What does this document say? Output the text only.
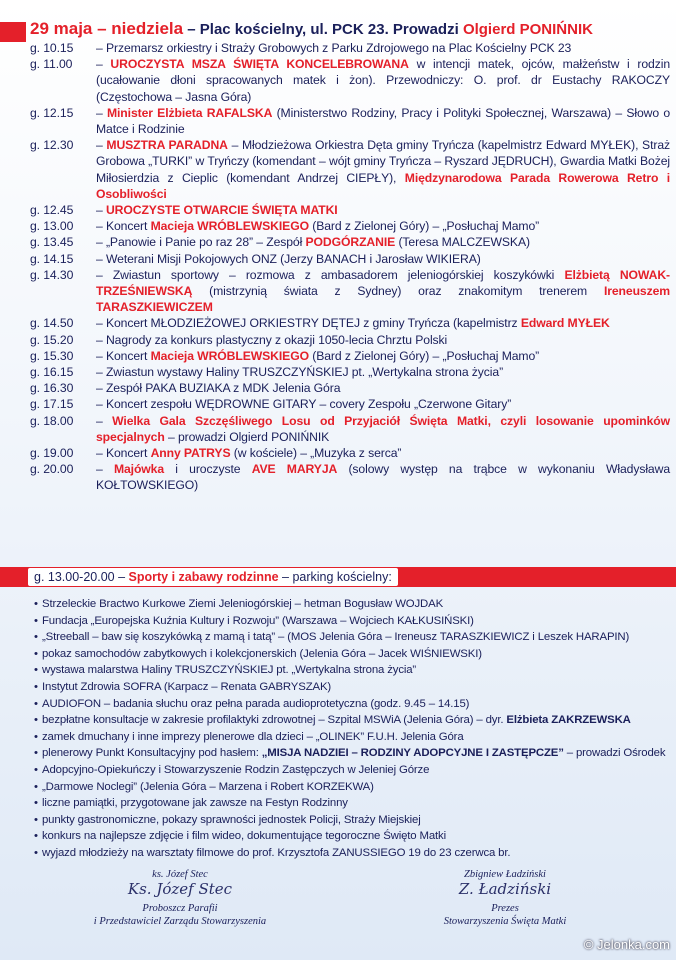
29 maja – niedziela – Plac kościelny, ul. PCK 23. Prowadzi Olgierd PONIŃNIK
g. 10.15	– Przemarsz orkiestry i Straży Grobowych z Parku Zdrojowego na Plac Kościelny PCK 23
g. 11.00	– UROCZYSTA MSZA ŚWIĘTA KONCELEBROWANA w intencji matek, ojców, małżeństw i rodzin (ucałowanie dłoni spracowanych matek i żon). Przewodniczy: O. prof. dr Eustachy RAKOCZY (Częstochowa – Jasna Góra)
g. 12.15	– Minister Elżbieta RAFALSKA (Ministerstwo Rodziny, Pracy i Polityki Społecznej, Warszawa) – Słowo o Matce i Rodzinie
g. 12.30	– MUSZTRA PARADNA – Młodzieżowa Orkiestra Dęta gminy Tryńcza (kapelmistrz Edward MYŁEK), Straż Grobowa „TURKI” w Tryńczy (komendant – wójt gminy Tryńcza – Ryszard JĘDRUCH), Gwardia Matki Bożej Miłosierdzia z Cieplic (komendant Andrzej CIEPŁY), Międzynarodowa Parada Rowerowa Retro i Osobliwości
g. 12.45	– UROCZYSTE OTWARCIE ŚWIĘTA MATKI
g. 13.00	– Koncert Macieja WRÓBLEWSKIEGO (Bard z Zielonej Góry) – „Posłuchaj Mamo”
g. 13.45	– „Panowie i Panie po raz 28” – Zespół PODGÓRZANIE (Teresa MALCZEWSKA)
g. 14.15	– Weterani Misji Pokojowych ONZ (Jerzy BANACH i Jarosław WIKIERA)
g. 14.30	– Zwiastun sportowy – rozmowa z ambasadorem jeleniogórskiej koszykówki Elżbietą NOWAK-TRZEŚNIEWSKĄ (mistrzynią świata z Sydney) oraz znakomitym trenerem Ireneuszem TARASZKIEWICZEM
g. 14.50	– Koncert MŁODZIEŻOWEJ ORKIESTRY DĘTEJ z gminy Tryńcza (kapelmistrz Edward MYŁEK
g. 15.20	– Nagrody za konkurs plastyczny z okazji 1050-lecia Chrztu Polski
g. 15.30	– Koncert Macieja WRÓBLEWSKIEGO (Bard z Zielonej Góry) – „Posłuchaj Mamo”
g. 16.15	– Zwiastun wystawy Haliny TRUSZCZYŃSKIEJ pt. „Wertykalna strona życia”
g. 16.30	– Zespół PAKA BUZIAKA z MDK Jelenia Góra
g. 17.15	– Koncert zespołu WĘDROWNE GITARY – covery Zespołu „Czerwone Gitary”
g. 18.00	– Wielka Gala Szczęśliwego Losu od Przyjaciół Święta Matki, czyli losowanie upominków specjalnych – prowadzi Olgierd PONIŃNIK
g. 19.00	– Koncert Anny PATRYS (w kościele) – „Muzyka z serca”
g. 20.00	– Majówka i uroczyste AVE MARYJA (solowy występ na trąbce w wykonaniu Władysława KOŁTOWSKIEGO)
g. 13.00-20.00 – Sporty i zabawy rodzinne – parking kościelny:
• Strzeleckie Bractwo Kurkowe Ziemi Jeleniogórskiej – hetman Bogusław WOJDAK
• Fundacja „Europejska Kuźnia Kultury i Rozwoju” (Warszawa – Wojciech KAŁKUSIŃSKI)
• „Streeball – baw się koszykówką z mamą i tatą” – (MOS Jelenia Góra – Ireneusz TARASZKIEWICZ i Leszek HARAPIN)
• pokaz samochodów zabytkowych i kolekcjonerskich (Jelenia Góra – Jacek WIŚNIEWSKI)
• wystawa malarstwa Haliny TRUSZCZYŃSKIEJ pt. „Wertykalna strona życia”
• Instytut Zdrowia SOFRA (Karpacz – Renata GABRYSZAK)
• AUDIOFON – badania słuchu oraz pełna parada audioprotetyczna (godz. 9.45 – 14.15)
• bezpłatne konsultacje w zakresie profilaktyki zdrowotnej – Szpital MSWiA (Jelenia Góra) – dyr. Elżbieta ZAKRZEWSKA
• zamek dmuchany i inne imprezy plenerowe dla dzieci – „OLINEK” F.U.H. Jelenia Góra
• plenerowy Punkt Konsultacyjny pod hasłem: „MISJA NADZIEI – RODZINY ADOPCYJNE I ZASTĘPCZE” – prowadzi Ośrodek
• Adopcyjno-Opiekuńczy i Stowarzyszenie Rodzin Zastępczych w Jeleniej Górze
• „Darmowe Noclegi” (Jelenia Góra – Marzena i Robert KORZEKWA)
• liczne pamiątki, przygotowane jak zawsze na Festyn Rodzinny
• punkty gastronomiczne, pokazy sprawności jednostek Policji, Straży Miejskiej
• konkurs na najlepsze zdjęcie i film wideo, dokumentujące tegoroczne Święto Matki
• wyjazd młodzieży na warsztaty filmowe do prof. Krzysztofa ZANUSSIEGO 19 do 23 czerwca br.
ks. Józef Stec
Ks. Józef Stec
Proboszcz Parafii
i Przedstawiciel Zarządu Stowarzyszenia
Zbigniew Ładziński
Z. Ładziński
Prezes
Stowarzyszenia Święta Matki
© Jelonka.com
